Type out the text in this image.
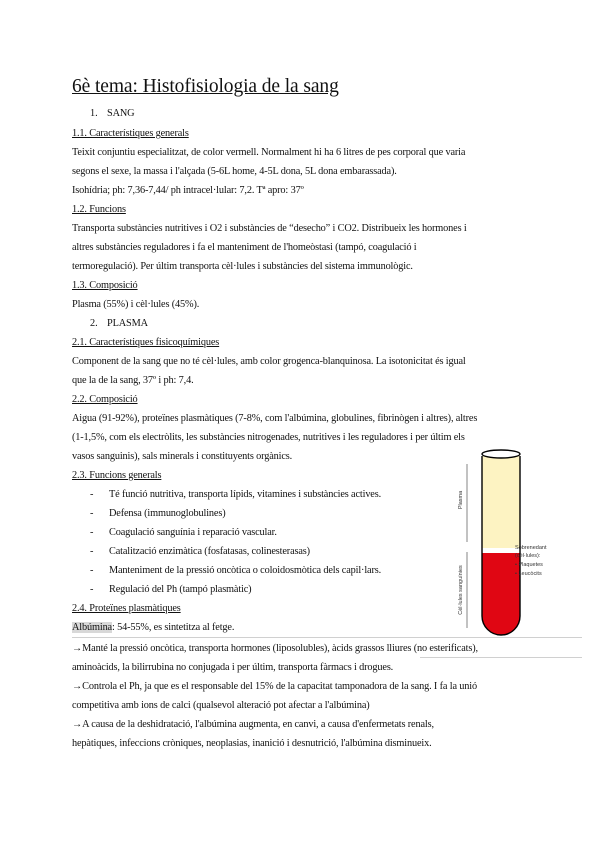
6è tema: Histofisiologia de la sang
1. SANG
1.1. Característiques generals
Teixit conjuntiu especialitzat, de color vermell. Normalment hi ha 6 litres de pes corporal que varia
segons el sexe, la massa i l'alçada (5-6L home, 4-5L dona, 5L dona embarassada).
Isohídria; ph: 7,36-7,44/ ph intracel·lular: 7,2. Tª apro: 37º
1.2. Funcions
Transporta substàncies nutritives i O2 i substàncies de “desecho” i CO2. Distribueix les hormones i
altres substàncies reguladores i fa el manteniment de l'homeòstasi (tampó, coagulació i
termoregulació). Per últim transporta cèl·lules i substàncies del sistema immunològic.
1.3. Composició
Plasma (55%) i cèl·lules (45%).
2. PLASMA
2.1. Característiques fisicoquímiques
Component de la sang que no té cèl·lules, amb color grogenca-blanquinosa. La isotonicitat és igual
que la de la sang, 37º i ph: 7,4.
2.2. Composició
Aigua (91-92%), proteïnes plasmàtiques (7-8%, com l'albúmina, globulines, fibrinògen i altres), altres
(1-1,5%, com els electròlits, les substàncies nitrogenades, nutritives i les reguladores i per últim els
vasos sanguinis), sals minerals i constituyents orgànics.
2.3. Funcions generals
- Té funció nutritiva, transporta lípids, vitamines i substàncies actives.
- Defensa (immunoglobulines)
- Coagulació sanguínia i reparació vascular.
- Catalització enzimàtica (fosfatasas, colinesterasas)
- Manteniment de la pressió oncòtica o coloidosmòtica dels capil·lars.
- Regulació del Ph (tampó plasmàtic)
2.4. Proteïnes plasmàtiques
Albúmina: 54-55%, es sintetitza al fetge.
→Manté la pressió oncòtica, transporta hormones (liposolubles), àcids grassos lliures (no esterificats),
aminoàcids, la bilirrubina no conjugada i per últim, transporta fàrmacs i drogues.
→Controla el Ph, ja que es el responsable del 15% de la capacitat tamponadora de la sang. I fa la unió
competitiva amb ions de calci (qualsevol alteració pot afectar a l'albúmina)
→A causa de la deshidratació, l'albúmina augmenta, en canvi, a causa d'enfermetats renals,
hepàtiques, infeccions cròniques, neoplasias, inanició i desnutrició, l'albúmina disminueix.
Plasma
Cèl·lules sanguínies
Sobrenedant
(cèl·lules):
• Plaquetes
• Leucòcits
